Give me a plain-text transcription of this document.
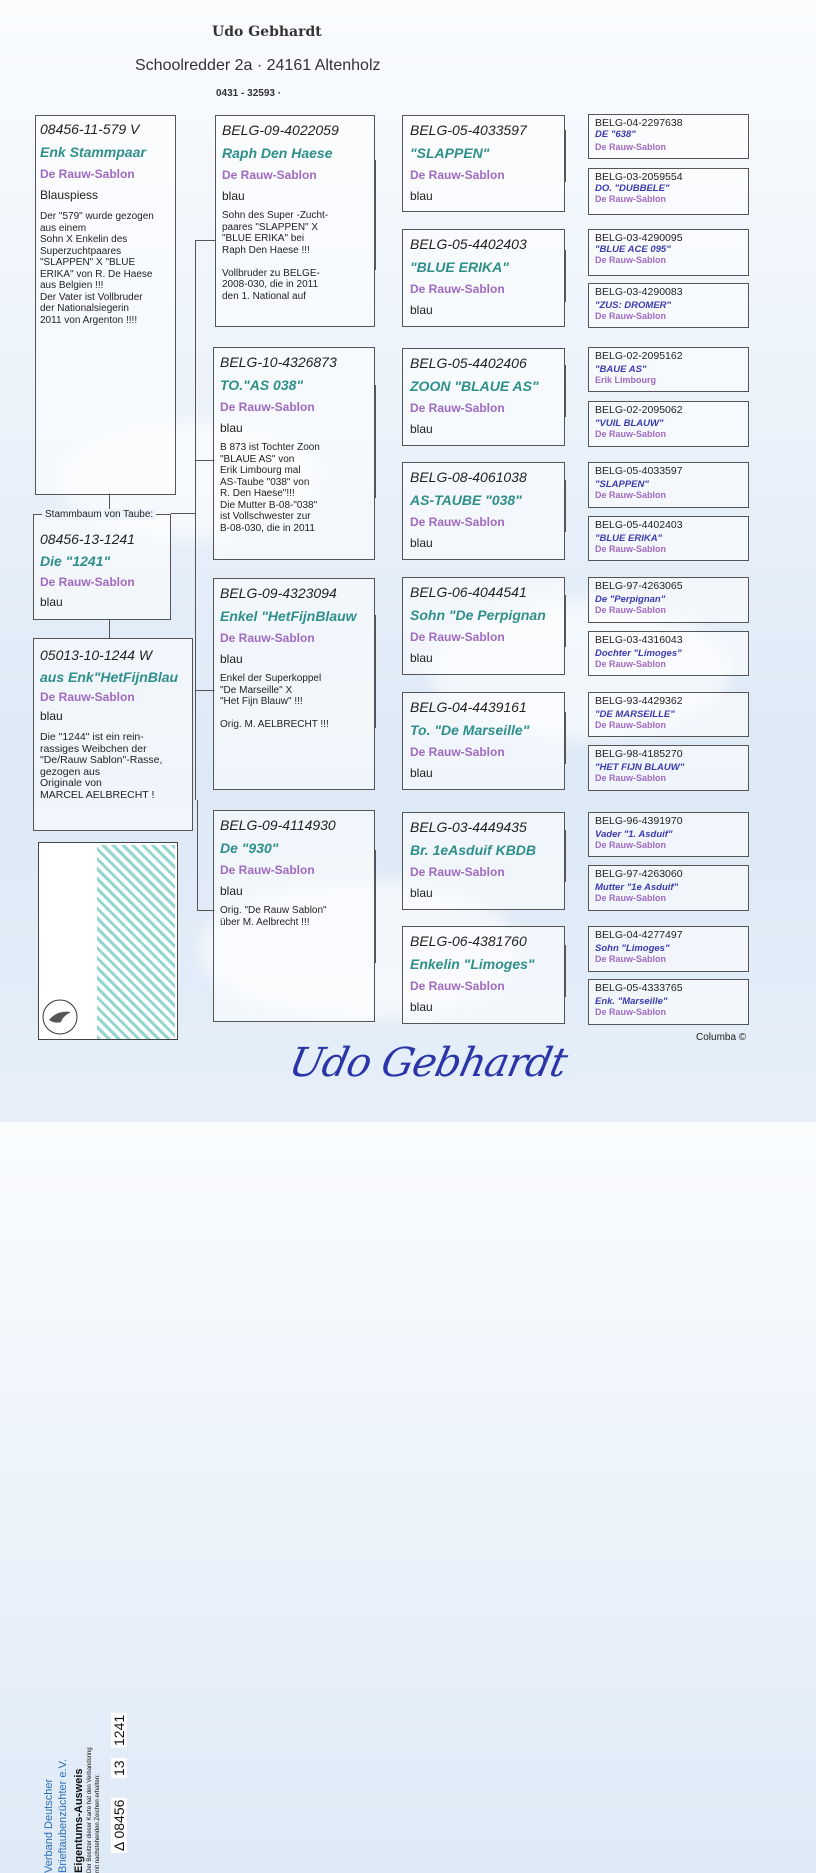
Udo Gebhardt
Schoolredder 2a · 24161 Altenholz
0431 - 32593 ·
08456-11-579 V
Enk Stammpaar
De Rauw-Sablon
Blauspiess
Der "579" wurde gezogen
aus einem
Sohn X Enkelin des
Superzuchtpaares
"SLAPPEN" X "BLUE
ERIKA" von R. De Haese
aus Belgien !!!
Der Vater ist Vollbruder
der Nationalsiegerin
2011 von Argenton !!!!
Stammbaum von Taube:
08456-13-1241
Die "1241"
De Rauw-Sablon
blau
05013-10-1244 W
aus Enk"HetFijnBlau
De Rauw-Sablon
blau
Die "1244" ist ein rein-
rassiges Weibchen der
"De/Rauw Sablon"-Rasse,
gezogen aus
Originale von
MARCEL AELBRECHT !
BELG-09-4022059
Raph Den Haese
De Rauw-Sablon
blau
Sohn des Super -Zucht-
paares "SLAPPEN" X
"BLUE ERIKA" bei
Raph Den Haese !!!

Vollbruder zu BELGE-
2008-030, die in 2011
den 1. National auf
BELG-10-4326873
TO."AS 038"
De Rauw-Sablon
blau
B 873 ist Tochter Zoon
"BLAUE AS" von
Erik Limbourg mal
AS-Taube "038" von
R. Den Haese"!!!
Die Mutter B-08-"038"
ist Vollschwester zur
B-08-030, die in 2011
BELG-09-4323094
Enkel "HetFijnBlauw
De Rauw-Sablon
blau
Enkel der Superkoppel
"De Marseille" X
"Het Fijn Blauw" !!!

Orig. M. AELBRECHT !!!
BELG-09-4114930
De "930"
De Rauw-Sablon
blau
Orig. "De Rauw Sablon"
über M. Aelbrecht !!!
BELG-05-4033597
"SLAPPEN"
De Rauw-Sablon
blau
BELG-05-4402403
"BLUE ERIKA"
De Rauw-Sablon
blau
BELG-05-4402406
ZOON "BLAUE AS"
De Rauw-Sablon
blau
BELG-08-4061038
AS-TAUBE "038"
De Rauw-Sablon
blau
BELG-06-4044541
Sohn "De Perpignan
De Rauw-Sablon
blau
BELG-04-4439161
To. "De Marseille"
De Rauw-Sablon
blau
BELG-03-4449435
Br. 1eAsduif KBDB
De Rauw-Sablon
blau
BELG-06-4381760
Enkelin "Limoges"
De Rauw-Sablon
blau
BELG-04-2297638
DE "638"
De Rauw-Sablon
BELG-03-2059554
DO. "DUBBELE"
De Rauw-Sablon
BELG-03-4290095
"BLUE ACE 095"
De Rauw-Sablon
BELG-03-4290083
"ZUS: DROMER"
De Rauw-Sablon
BELG-02-2095162
"BAUE AS"
Erik Limbourg
BELG-02-2095062
"VUIL BLAUW"
De Rauw-Sablon
BELG-05-4033597
"SLAPPEN"
De Rauw-Sablon
BELG-05-4402403
"BLUE ERIKA"
De Rauw-Sablon
BELG-97-4263065
De "Perpignan"
De Rauw-Sablon
BELG-03-4316043
Dochter "Limoges"
De Rauw-Sablon
BELG-93-4429362
"DE MARSEILLE"
De Rauw-Sablon
BELG-98-4185270
"HET FIJN BLAUW"
De Rauw-Sablon
BELG-96-4391970
Vader "1. Asduif"
De Rauw-Sablon
BELG-97-4263060
Mutter "1e Asduif"
De Rauw-Sablon
BELG-04-4277497
Sohn "Limoges"
De Rauw-Sablon
BELG-05-4333765
Enk. "Marseille"
De Rauw-Sablon
Verband Deutscher Brieftaubenzüchter e.V. Eigentums-Ausweis Der Besitzer dieser Karte hat den Verbandsring mit nachstehenden Zeichen erhalten: Δ 08456
13
1241
Udo Gebhardt
Columba ©
